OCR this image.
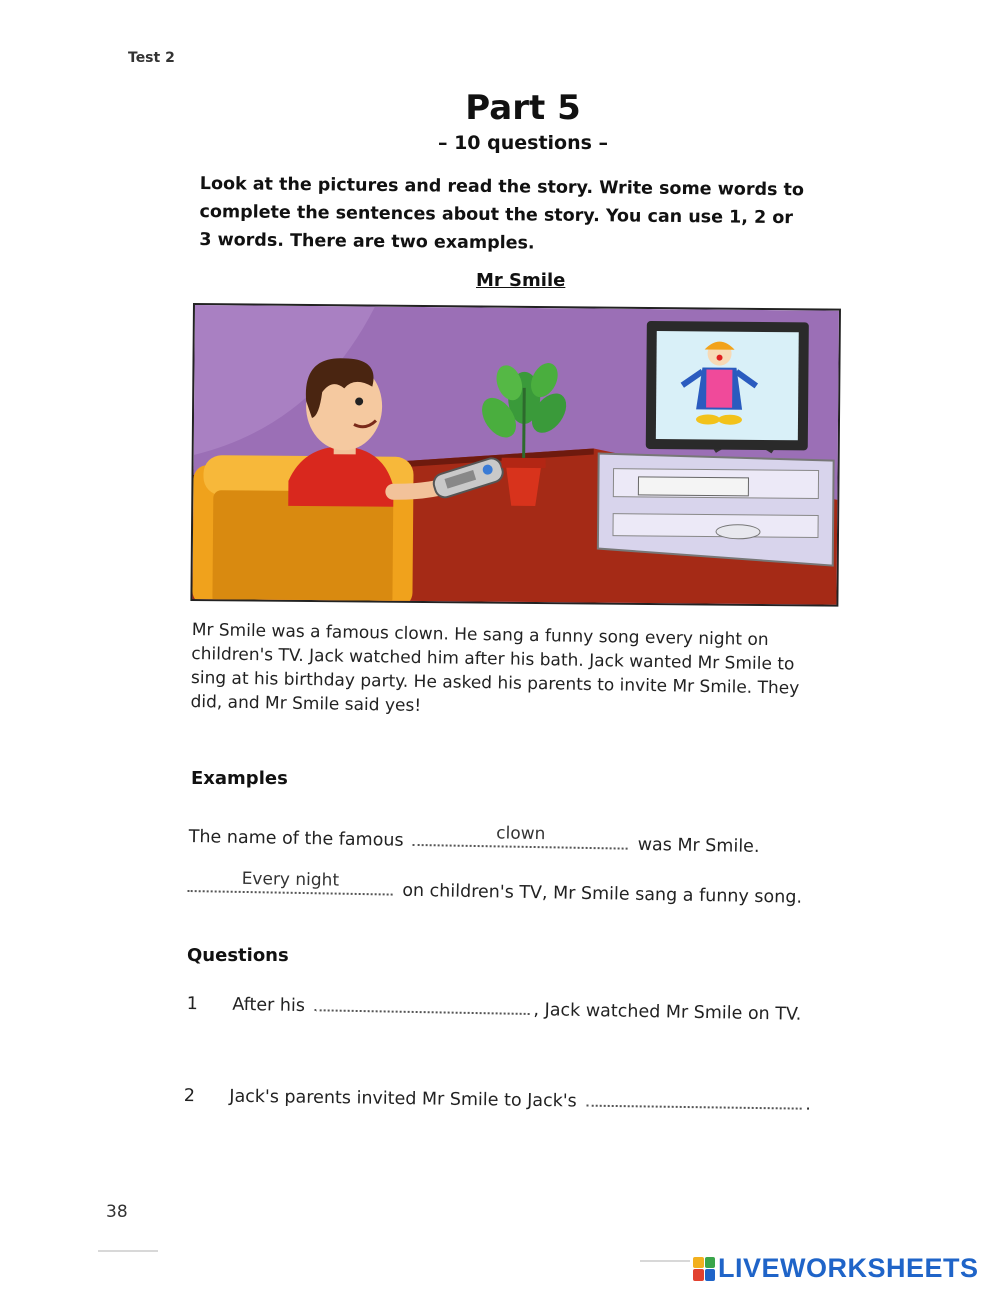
Test 2
Part 5
– 10 questions –
Look at the pictures and read the story. Write some words to complete the sentences about the story. You can use 1, 2 or 3 words. There are two examples.
Mr Smile
Mr Smile was a famous clown. He sang a funny song every night on children's TV. Jack watched him after his bath. Jack wanted Mr Smile to sing at his birthday party. He asked his parents to invite Mr Smile. They did, and Mr Smile said yes!
Examples
The name of the famous	clown
was Mr Smile.
Every night
on children's TV, Mr Smile sang a funny song.
Questions
1 After his	, Jack watched Mr Smile on TV.
2 Jack's parents invited Mr Smile to Jack's	.
38
LIVEWORKSHEETS
